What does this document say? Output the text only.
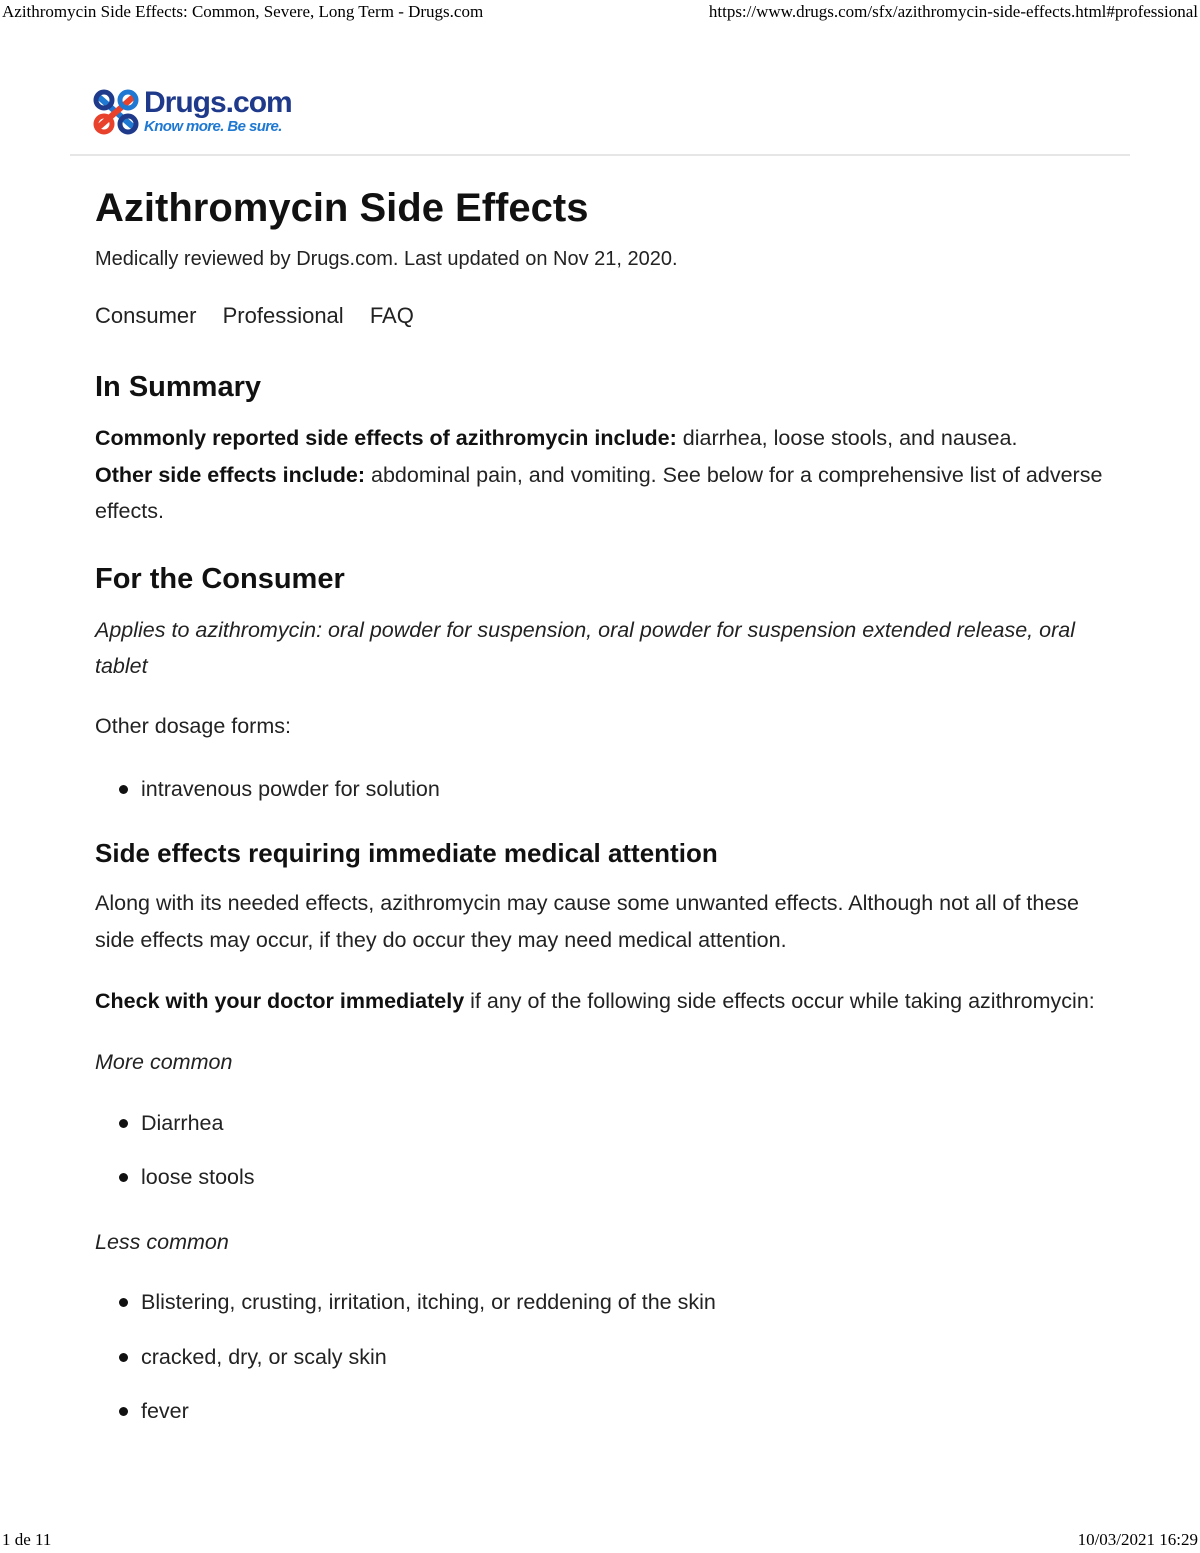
Azithromycin Side Effects: Common, Severe, Long Term - Drugs.com	https://www.drugs.com/sfx/azithromycin-side-effects.html#professional
Drugs.com
Know more. Be sure.
Azithromycin Side Effects

Medically reviewed by Drugs.com. Last updated on Nov 21, 2020.

Consumer Professional FAQ
In Summary

Commonly reported side effects of azithromycin include: diarrhea, loose stools, and nausea.
Other side effects include: abdominal pain, and vomiting. See below for a comprehensive list of adverse effects.

For the Consumer

Applies to azithromycin: oral powder for suspension, oral powder for suspension extended release, oral tablet

Other dosage forms:

intravenous powder for solution
Side effects requiring immediate medical attention

Along with its needed effects, azithromycin may cause some unwanted effects. Although not all of these side effects may occur, if they do occur they may need medical attention.

Check with your doctor immediately if any of the following side effects occur while taking azithromycin:

More common

Diarrhea
loose stools

Less common

Blistering, crusting, irritation, itching, or reddening of the skin
cracked, dry, or scaly skin
fever
1 de 11	10/03/2021 16:29
